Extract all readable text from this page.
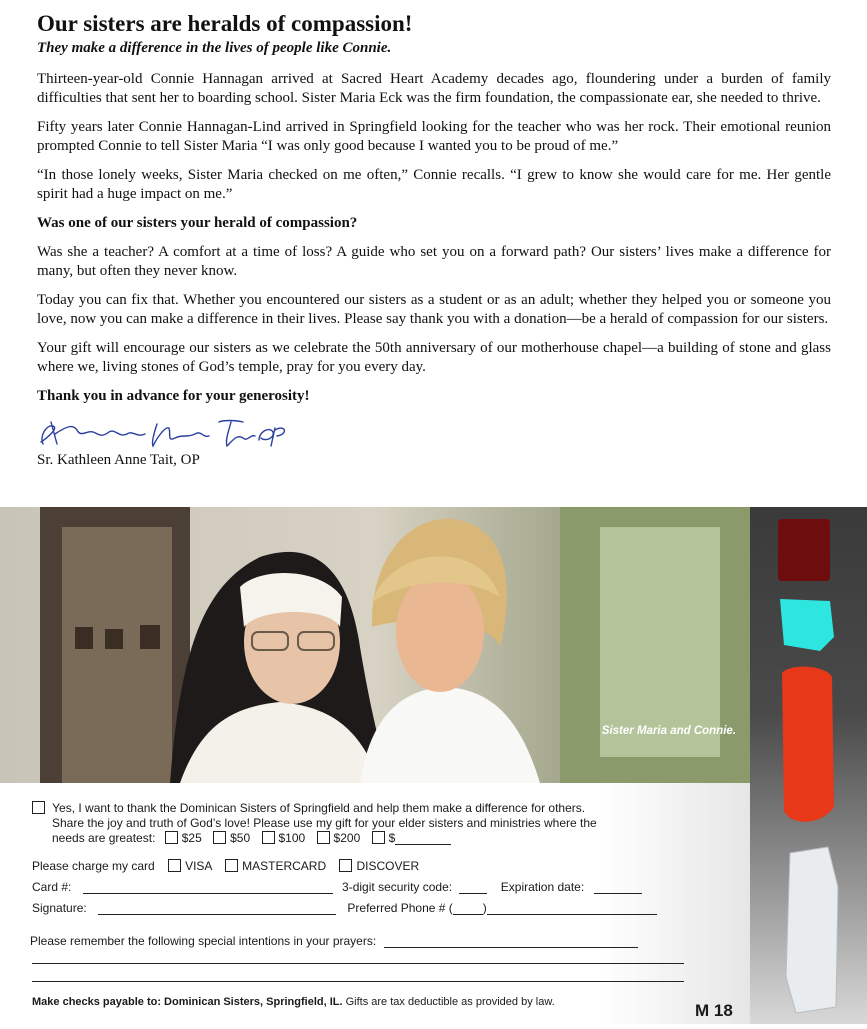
Our sisters are heralds of compassion!

They make a difference in the lives of people like Connie.

Thirteen-year-old Connie Hannagan arrived at Sacred Heart Academy decades ago, floundering under a burden of family difficulties that sent her to boarding school. Sister Maria Eck was the firm foundation, the compassionate ear, she needed to thrive.

Fifty years later Connie Hannagan-Lind arrived in Springfield looking for the teacher who was her rock. Their emotional reunion prompted Connie to tell Sister Maria “I was only good because I wanted you to be proud of me.”

“In those lonely weeks, Sister Maria checked on me often,” Connie recalls. “I grew to know she would care for me. Her gentle spirit had a huge impact on me.”

Was one of our sisters your herald of compassion?

Was she a teacher? A comfort at a time of loss? A guide who set you on a forward path? Our sisters’ lives make a difference for many, but often they never know.

Today you can fix that. Whether you encountered our sisters as a student or as an adult; whether they helped you or someone you love, now you can make a difference in their lives. Please say thank you with a donation—be a herald of compassion for our sisters.

Your gift will encourage our sisters as we celebrate the 50th anniversary of our motherhouse chapel—a building of stone and glass where we, living stones of God’s temple, pray for you every day.

Thank you in advance for your generosity!

Sr. Kathleen Anne Tait, OP

Sister Maria and Connie.
Yes, I want to thank the Dominican Sisters of Springfield and help them make a difference for others.
Share the joy and truth of God’s love! Please use my gift for your elder sisters and ministries where the
needs are greatest: $25 $50 $100 $200 $
Please charge my card	VISA	MASTERCARD	DISCOVER
Card #:	3-digit security code:	Expiration date:
Signature:	Preferred Phone # (	)
Please remember the following special intentions in your prayers:
Make checks payable to: Dominican Sisters, Springfield, IL. Gifts are tax deductible as provided by law.	M 18
